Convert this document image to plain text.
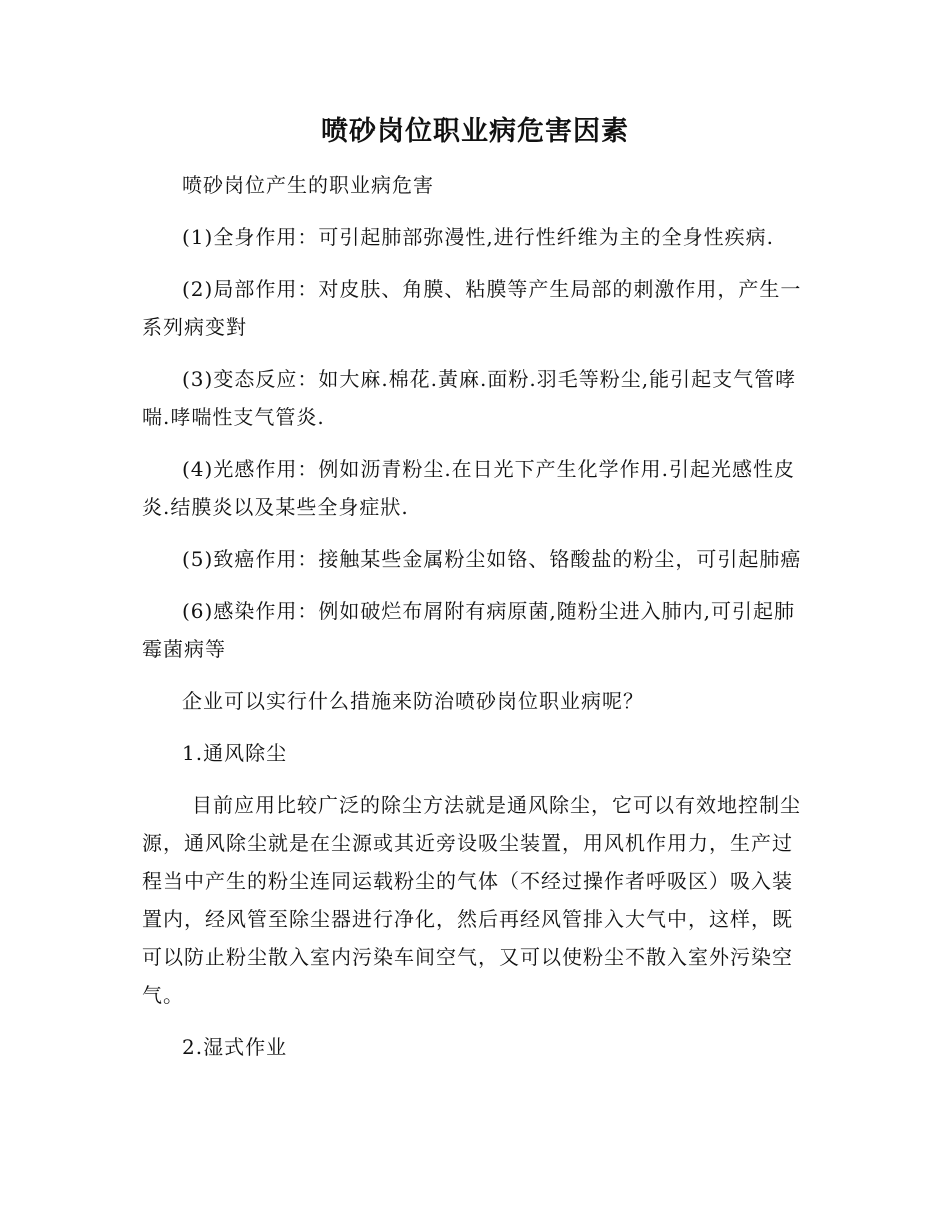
喷砂岗位职业病危害因素

喷砂岗位产生的职业病危害

(1)全身作用：可引起肺部弥漫性,进行性纤维为主的全身性疾病.

(2)局部作用：对皮肤、角膜、粘膜等产生局部的刺激作用，产生一系列病变對

(3)变态反应：如大麻.棉花.黃麻.面粉.羽毛等粉尘,能引起支气管哮喘.哮喘性支气管炎.

(4)光感作用：例如沥青粉尘.在日光下产生化学作用.引起光感性皮炎.结膜炎以及某些全身症狀.

(5)致癌作用：接触某些金属粉尘如铬、铬酸盐的粉尘，可引起肺癌

(6)感染作用：例如破烂布屑附有病原菌,随粉尘进入肺内,可引起肺霉菌病等

企业可以实行什么措施来防治喷砂岗位职业病呢？

1.通风除尘

目前应用比较广泛的除尘方法就是通风除尘，它可以有效地控制尘源，通风除尘就是在尘源或其近旁设吸尘装置，用风机作用力，生产过程当中产生的粉尘连同运载粉尘的气体（不经过操作者呼吸区）吸入装置内，经风管至除尘器进行净化，然后再经风管排入大气中，这样，既可以防止粉尘散入室内污染车间空气，又可以使粉尘不散入室外污染空气。

2.湿式作业
